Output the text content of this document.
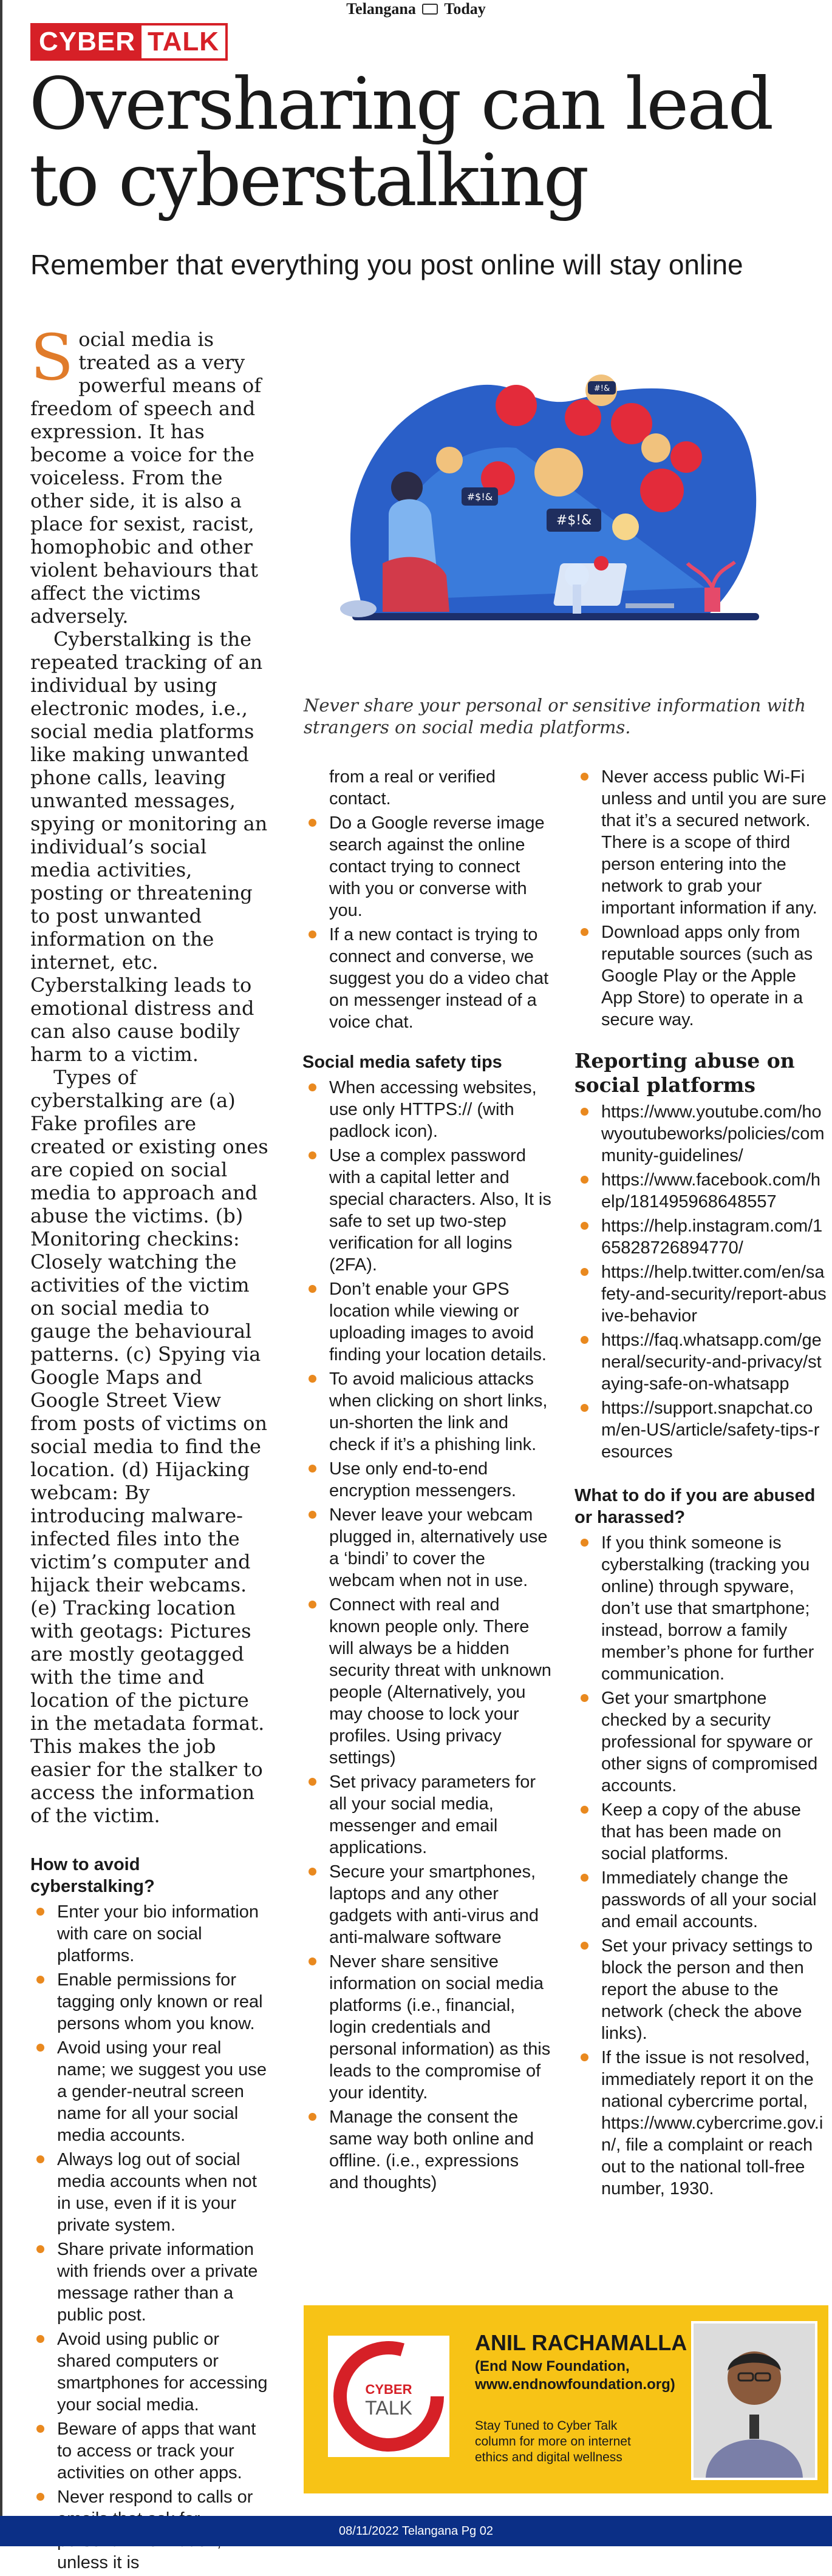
Telangana Today
CYBER TALK
Oversharing can lead to cyberstalking
Remember that everything you post online will stay online

Social media is treated as a very powerful means of freedom of speech and expression. It has become a voice for the voiceless. From the other side, it is also a place for sexist, racist, homophobic and other violent behaviours that affect the victims adversely.

Cyberstalking is the repeated tracking of an individual by using electronic modes, i.e., social media platforms like making unwanted phone calls, leaving unwanted messages, spying or monitoring an individual’s social media activities, posting or threatening to post unwanted information on the internet, etc. Cyberstalking leads to emotional distress and can also cause bodily harm to a victim.

Types of cyberstalking are (a) Fake profiles are created or existing ones are copied on social media to approach and abuse the victims. (b) Monitoring checkins: Closely watching the activities of the victim on social media to gauge the behavioural patterns. (c) Spying via Google Maps and Google Street View from posts of victims on social media to find the location. (d) Hijacking webcam: By introducing malware-infected files into the victim’s computer and hijack their webcams. (e) Tracking location with geotags: Pictures are mostly geotagged with the time and location of the picture in the metadata format. This makes the job easier for the stalker to access the information of the victim.

How to avoid cyberstalking?
Enter your bio information with care on social platforms.
Enable permissions for tagging only known or real persons whom you know.
Avoid using your real name; we suggest you use a gender-neutral screen name for all your social media accounts.
Always log out of social media accounts when not in use, even if it is your private system.
Share private information with friends over a private message rather than a public post.
Avoid using public or shared computers or smartphones for accessing your social media.
Beware of apps that want to access or track your activities on other apps.
Never respond to calls or unless it is
#$!&
#$!&
#!&
Never share your personal or sensitive information with strangers on social media platforms.
from a real or verified contact.
Do a Google reverse image search against the online contact trying to connect with you or converse with you.
If a new contact is trying to connect and converse, we suggest you do a video chat on messenger instead of a voice chat.
Social media safety tips
When accessing websites, use only HTTPS:// (with padlock icon).
Use a complex password with a capital letter and special characters. Also, It is safe to set up two-step verification for all logins (2FA).
Don’t enable your GPS location while viewing or uploading images to avoid finding your location details.
To avoid malicious attacks when clicking on short links, un-shorten the link and check if it’s a phishing link.
Use only end-to-end encryption messengers.
Never leave your webcam plugged in, alternatively use a ‘bindi’ to cover the webcam when not in use.
Connect with real and known people only. There will always be a hidden security threat with unknown people (Alternatively, you may choose to lock your profiles. Using privacy settings)
Set privacy parameters for all your social media, messenger and email applications.
Secure your smartphones, laptops and any other gadgets with anti-virus and anti-malware software
Never share sensitive information on social media platforms (i.e., financial, login credentials and personal information) as this leads to the compromise of your identity.
Manage the consent the same way both online and offline. (i.e., expressions and thoughts)
Never access public Wi-Fi unless and until you are sure that it’s a secured network. There is a scope of third person entering into the network to grab your important information if any.
Download apps only from reputable sources (such as Google Play or the Apple App Store) to operate in a secure way.
Reporting abuse on social platforms
https://www.youtube.com/howyoutubeworks/policies/community-guidelines/
https://www.facebook.com/help/181495968648557
https://help.instagram.com/165828726894770/
https://help.twitter.com/en/safety-and-security/report-abusive-behavior
https://faq.whatsapp.com/general/security-and-privacy/staying-safe-on-whatsapp
https://support.snapchat.com/en-US/article/safety-tips-resources
What to do if you are abused or harassed?
If you think someone is cyberstalking (tracking you online) through spyware, don’t use that smartphone; instead, borrow a family member’s phone for further communication.
Get your smartphone checked by a security professional for spyware or other signs of compromised accounts.
Keep a copy of the abuse that has been made on social platforms.
Immediately change the passwords of all your social and email accounts.
Set your privacy settings to block the person and then report the abuse to the network (check the above links).
If the issue is not resolved, immediately report it on the national cybercrime portal, https://www.cybercrime.gov.in/, file a complaint or reach out to the national toll-free number, 1930.
CYBER
TALK
ANIL RACHAMALLA
(End Now Foundation, www.endnowfoundation.org)
Stay Tuned to Cyber Talk column for more on internet ethics and digital wellness
08/11/2022 Telangana Pg 02
